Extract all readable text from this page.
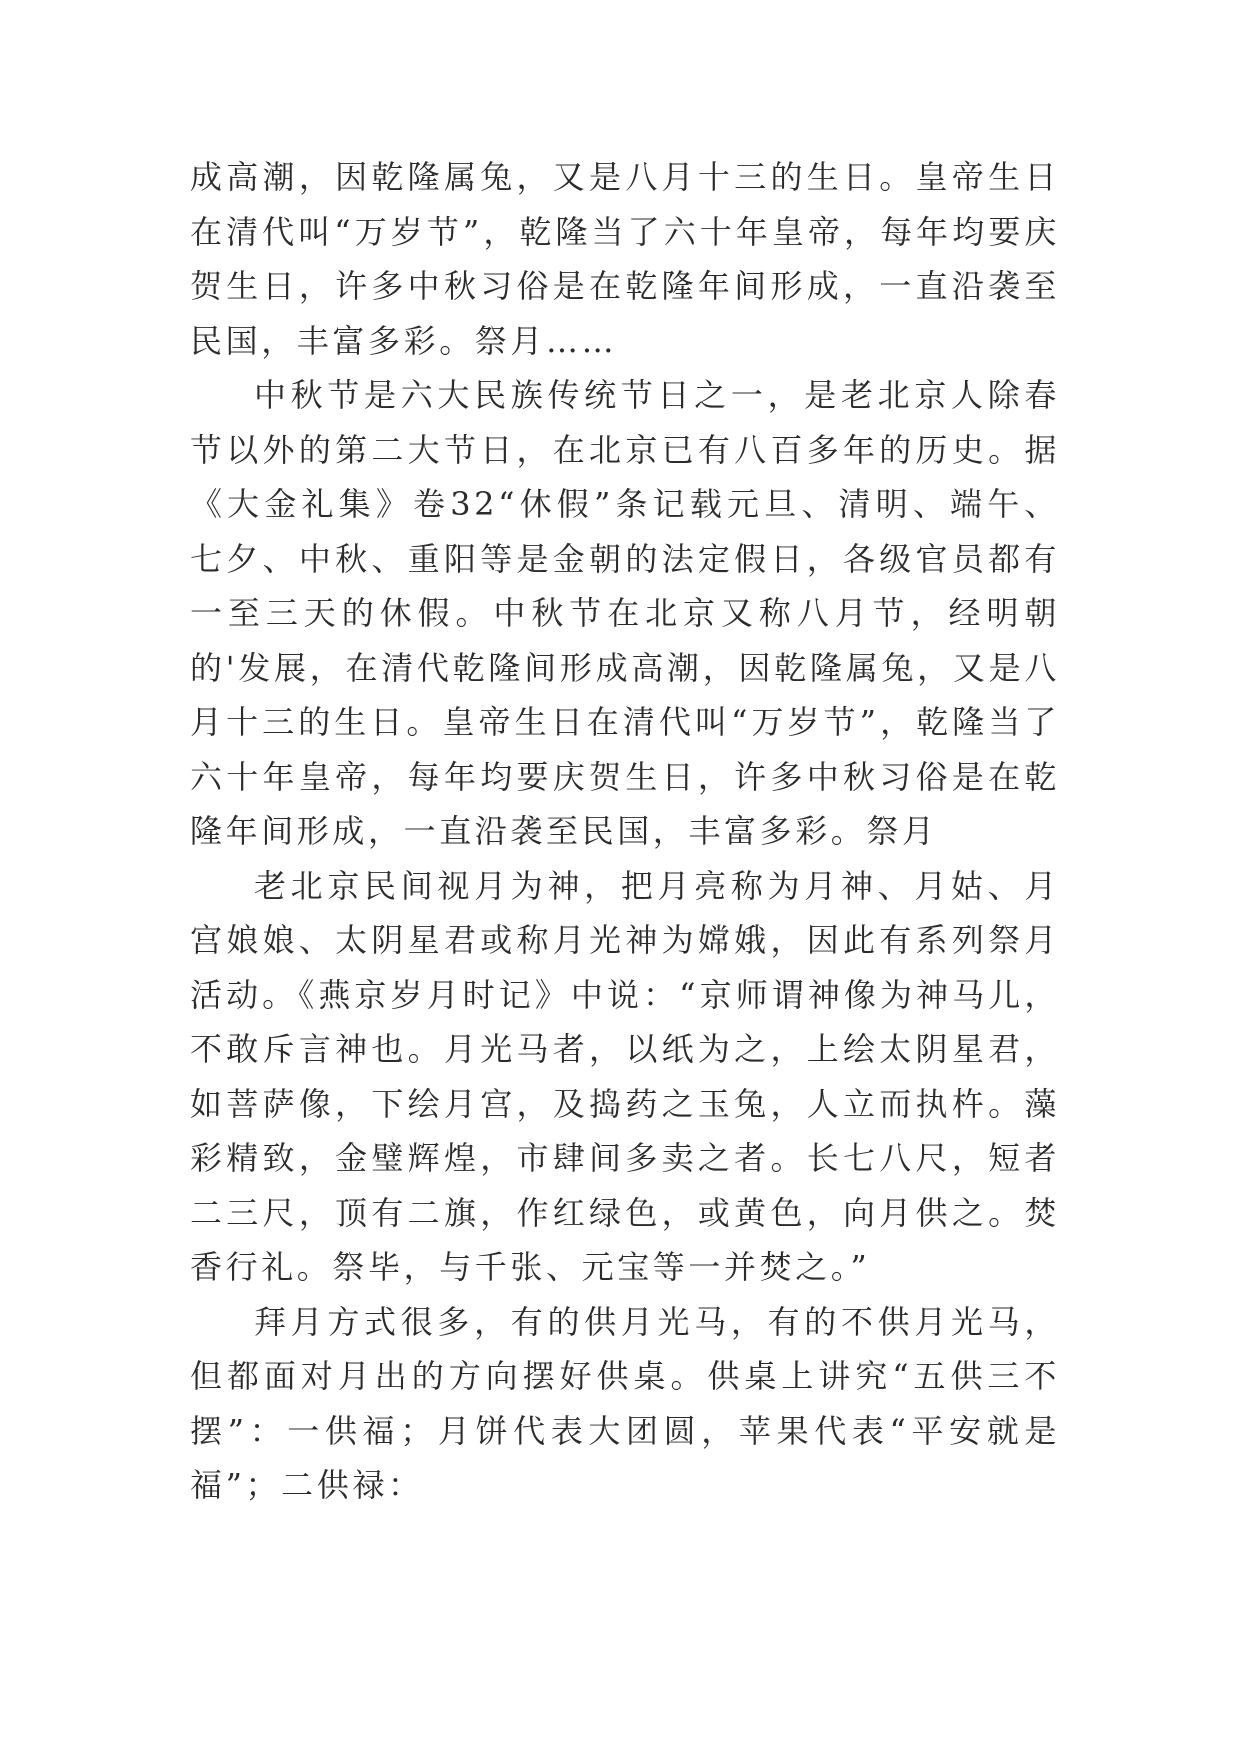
成高潮，因乾隆属兔，又是八月十三的生日。皇帝生日在清代叫“万岁节”，乾隆当了六十年皇帝，每年均要庆贺生日，许多中秋习俗是在乾隆年间形成，一直沿袭至民国，丰富多彩。祭月……

中秋节是六大民族传统节日之一，是老北京人除春节以外的第二大节日，在北京已有八百多年的历史。据《大金礼集》卷32“休假”条记载元旦、清明、端午、七夕、中秋、重阳等是金朝的法定假日，各级官员都有一至三天的休假。中秋节在北京又称八月节，经明朝的'发展，在清代乾隆间形成高潮，因乾隆属兔，又是八月十三的生日。皇帝生日在清代叫“万岁节”，乾隆当了六十年皇帝，每年均要庆贺生日，许多中秋习俗是在乾隆年间形成，一直沿袭至民国，丰富多彩。祭月

老北京民间视月为神，把月亮称为月神、月姑、月宫娘娘、太阴星君或称月光神为嫦娥，因此有系列祭月活动。《燕京岁月时记》中说：“京师谓神像为神马儿，不敢斥言神也。月光马者，以纸为之，上绘太阴星君，如菩萨像，下绘月宫，及捣药之玉兔，人立而执杵。藻彩精致，金璧辉煌，市肆间多卖之者。长七八尺，短者二三尺，顶有二旗，作红绿色，或黄色，向月供之。焚香行礼。祭毕，与千张、元宝等一并焚之。”

拜月方式很多，有的供月光马，有的不供月光马，但都面对月出的方向摆好供桌。供桌上讲究“五供三不摆”：一供福；月饼代表大团圆，苹果代表“平安就是福”；二供禄：
